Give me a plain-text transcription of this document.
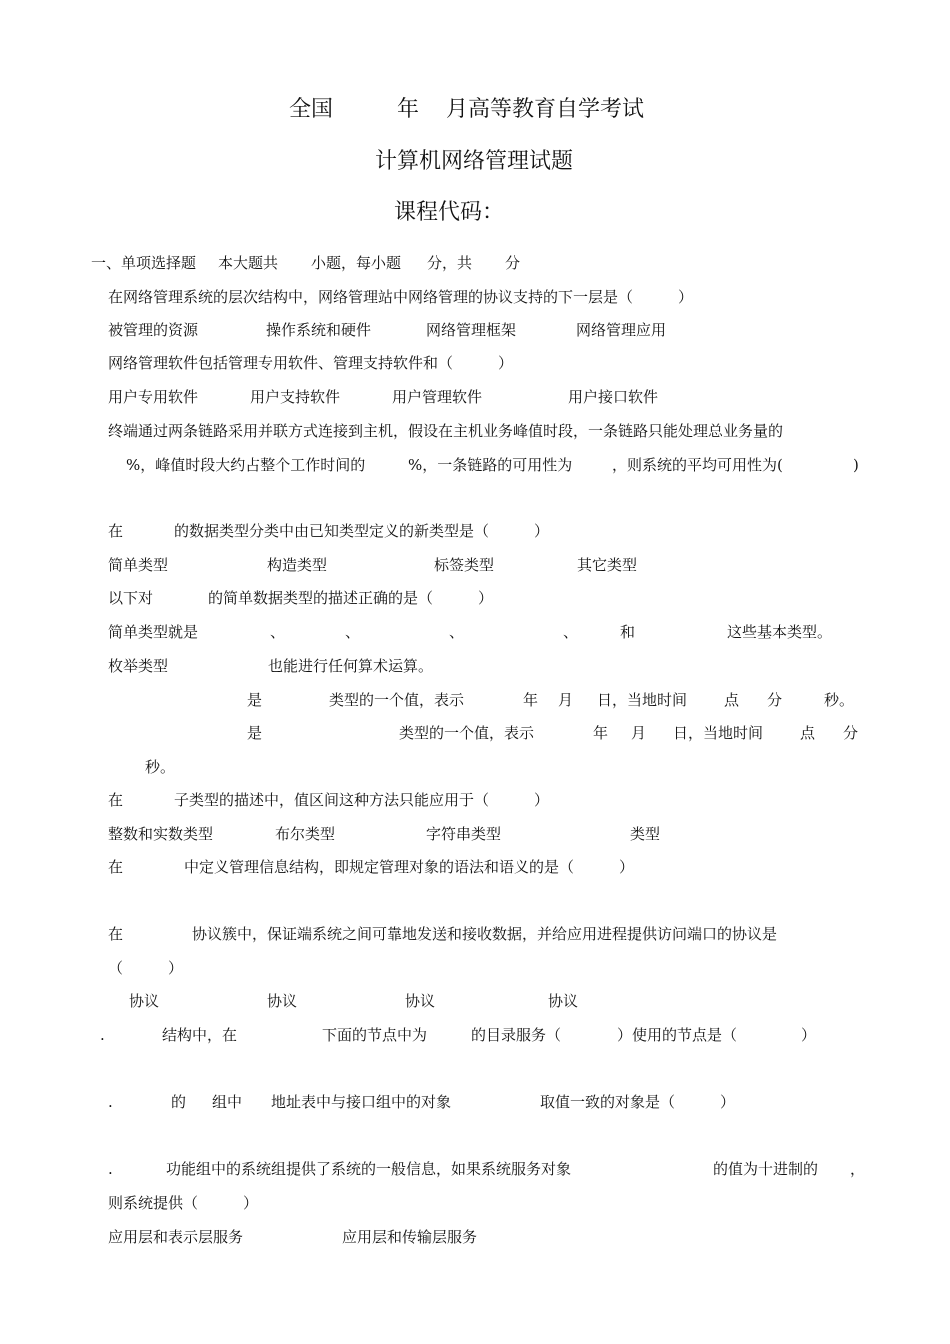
全国	年 月高等教育自学考试
计算机网络管理试题
课程代码：
一、单项选择题 本大题共 小题，每小题 分，共 分
在网络管理系统的层次结构中，网络管理站中网络管理的协议支持的下一层是（　　　）
被管理的资源	操作系统和硬件	网络管理框架	网络管理应用
网络管理软件包括管理专用软件、管理支持软件和（　　　）
用户专用软件	用户支持软件	用户管理软件	用户接口软件
终端通过两条链路采用并联方式连接到主机，假设在主机业务峰值时段，一条链路只能处理总业务量的
%，峰值时段大约占整个工作时间的	%，一条链路的可用性为	，则系统的平均可用性为(	)
在	的数据类型分类中由已知类型定义的新类型是（　　　）
简单类型	构造类型	标签类型	其它类型
以下对	的简单数据类型的描述正确的是（　　　）
简单类型就是	、	、	、	、	和	这些基本类型。
枚举类型	也能进行任何算术运算。
是	类型的一个值，表示	年 月 日，当地时间 点 分	秒。
是	类型的一个值，表示	年 月 日，当地时间 点 分
秒。
在	子类型的描述中，值区间这种方法只能应用于（　　　）
整数和实数类型	布尔类型	字符串类型	类型
在	中定义管理信息结构，即规定管理对象的语法和语义的是（　　　）
在	协议簇中，保证端系统之间可靠地发送和接收数据，并给应用进程提供访问端口的协议是
（　　　）
协议	协议	协议	协议
.	结构中，在	下面的节点中为	的目录服务（	）使用的节点是（	）
.	的 组中 地址表中与接口组中的对象	取值一致的对象是（　　　）
.	功能组中的系统组提供了系统的一般信息，如果系统服务对象	的值为十进制的 ，
则系统提供（　　　）
应用层和表示层服务	应用层和传输层服务
